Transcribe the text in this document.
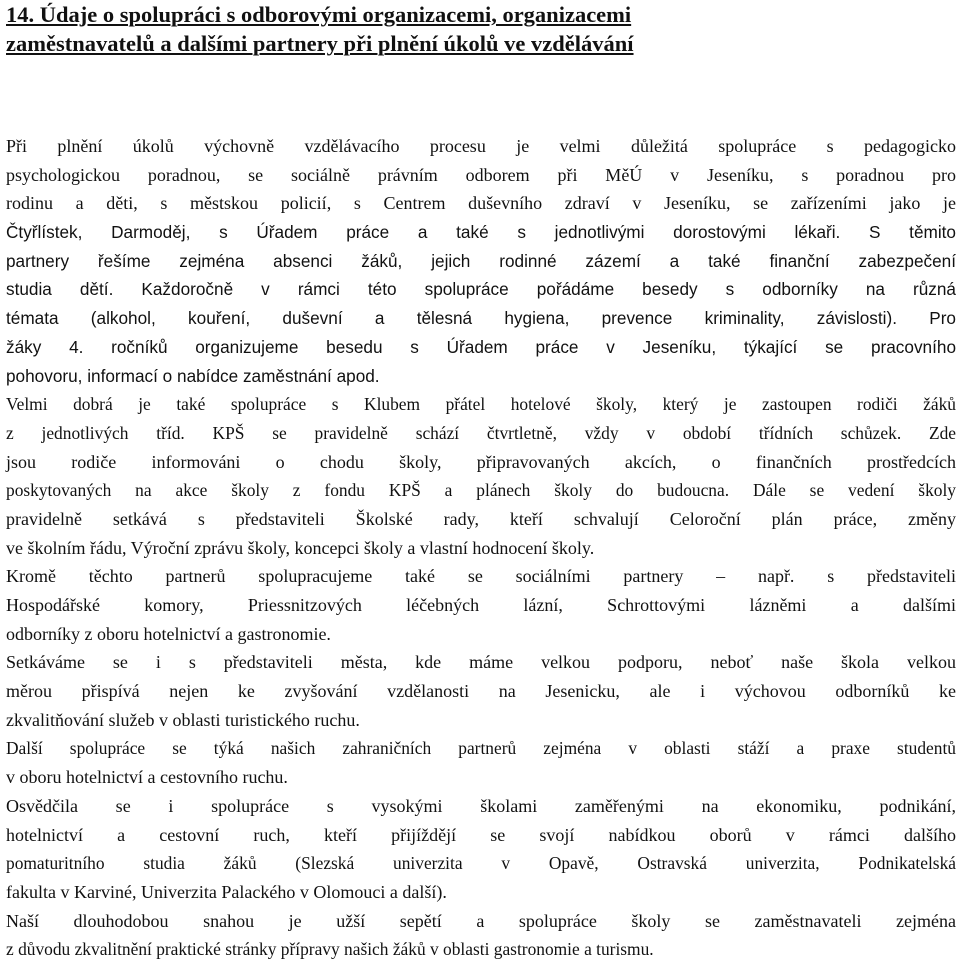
14. Údaje o spolupráci s odborovými organizacemi, organizacemi
zaměstnavatelů a dalšími partnery při plnění úkolů ve vzdělávání
Při plnění úkolů výchovně vzdělávacího procesu je velmi důležitá spolupráce s pedagogicko
psychologickou poradnou, se sociálně právním odborem při MěÚ v Jeseníku, s poradnou pro
rodinu a děti, s městskou policií, s Centrem duševního zdraví v Jeseníku, se zařízeními jako je
Čtyřlístek, Darmoděj, s Úřadem práce a také s jednotlivými dorostovými lékaři. S těmito
partnery řešíme zejména absenci žáků, jejich rodinné zázemí a také finanční zabezpečení
studia dětí. Každoročně v rámci této spolupráce pořádáme besedy s odborníky na různá
témata (alkohol, kouření, duševní a tělesná hygiena, prevence kriminality, závislosti). Pro
žáky 4. ročníků organizujeme besedu s Úřadem práce v Jeseníku, týkající se pracovního
pohovoru, informací o nabídce zaměstnání apod.
Velmi dobrá je také spolupráce s Klubem přátel hotelové školy, který je zastoupen rodiči žáků
z jednotlivých tříd. KPŠ se pravidelně schází čtvrtletně, vždy v období třídních schůzek. Zde
jsou rodiče informováni o chodu školy, připravovaných akcích, o finančních prostředcích
poskytovaných na akce školy z fondu KPŠ a plánech školy do budoucna. Dále se vedení školy
pravidelně setkává s představiteli Školské rady, kteří schvalují Celoroční plán práce, změny
ve školním řádu, Výroční zprávu školy, koncepci školy a vlastní hodnocení školy.
Kromě těchto partnerů spolupracujeme také se sociálními partnery – např. s představiteli
Hospodářské komory, Priessnitzových léčebných lázní, Schrottovými lázněmi a dalšími
odborníky z oboru hotelnictví a gastronomie.
Setkáváme se i s představiteli města, kde máme velkou podporu, neboť naše škola velkou
měrou přispívá nejen ke zvyšování vzdělanosti na Jesenicku, ale i výchovou odborníků ke
zkvalitňování služeb v oblasti turistického ruchu.
Další spolupráce se týká našich zahraničních partnerů zejména v oblasti stáží a praxe studentů
v oboru hotelnictví a cestovního ruchu.
Osvědčila se i spolupráce s vysokými školami zaměřenými na ekonomiku, podnikání,
hotelnictví a cestovní ruch, kteří přijíždějí se svojí nabídkou oborů v rámci dalšího
pomaturitního studia žáků (Slezská univerzita v Opavě, Ostravská univerzita, Podnikatelská
fakulta v Karviné, Univerzita Palackého v Olomouci a další).
Naší dlouhodobou snahou je užší sepětí a spolupráce školy se zaměstnavateli zejména
z důvodu zkvalitnění praktické stránky přípravy našich žáků v oblasti gastronomie a turismu.
